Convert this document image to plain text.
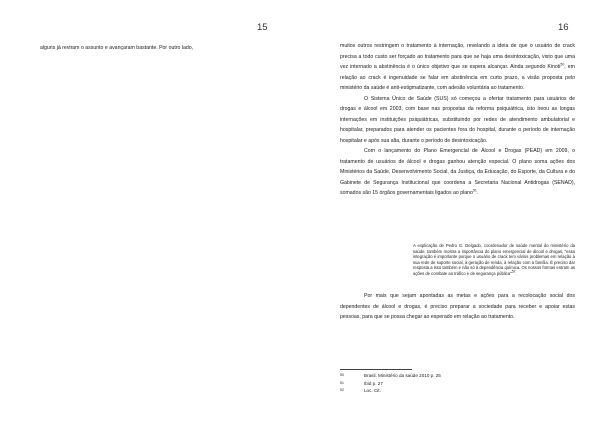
15
alguns já reviram o assunto e avançaram bastante. Por outro lado,
16

muitos outros restringem o tratamento à internação, revelando a ideia de que o usuário de crack precisa a todo custo ser forçado ao tratamento para que se haja uma desintoxicação, visto que uma vez internado a abstinência é o único objetivo que se espera alcançar. Ainda segundo Kinoti$^{50}$, em relação ao crack é ingenuidade se falar em abstinência em curto prazo, a visão proposta pelo ministério da saúde é anti-estigmatizante, com adesão voluntária ao tratamento.

O Sistema Único de Saúde (SUS) só começou a ofertar tratamento para usuários de drogas e álcool em 2003, com base nas propostas da reforma psiquiátrica, isto lreou as longas internações em instituições psiquiátricas, substituindo por redes de atendimento ambulatorial e hospitalar, preparados para atender os pacientes fora do hospital, durante o período de internação hospitalar e após sua alta, durante o período de desintoxicação.

Com o lançamento do Plano Emergencial de Álcool e Drogas (PEAD) em 2009, o tratamento de usuários de álcool e drogas ganhou atenção especial. O plano soma ações dos Ministérios da Saúde, Desenvolvimento Social, da Justiça, da Educação, do Esporte, da Cultura e do Gabinete de Segurança Institucional que coordena a Secretaria Nacional Antidrogas (SENAD), somados são 15 órgãos governamentais ligados ao plano$^{51}$.

A explicação de Pedro G. Delgado, coordenador de saúde mental do ministério da saúde, também mostra a importância do plano emergencial de álcool e drogas, "essa integração é importante porque o usuário de crack tem vários problemas em relação à sua rede de suporte social, à geração de renda, à relação com a família. É preciso dar resposta a isso também e não só à dependência química. Os nossos formas entram as ações de combate ao tráfico e de segurança pública"$^{52}$.

Por mais que sejam apontadas as metas e ações para a recolocação social dos dependentes de álcool e drogas, é preciso preparar a sociedade para receber e apoiar estas pessoas, para que se possa chegar ao esperado em relação ao tratamento.

50	Brasil. Ministério da saúde 2010 p. 25
51	Ibid p. 27
52	Loc. Cit.
